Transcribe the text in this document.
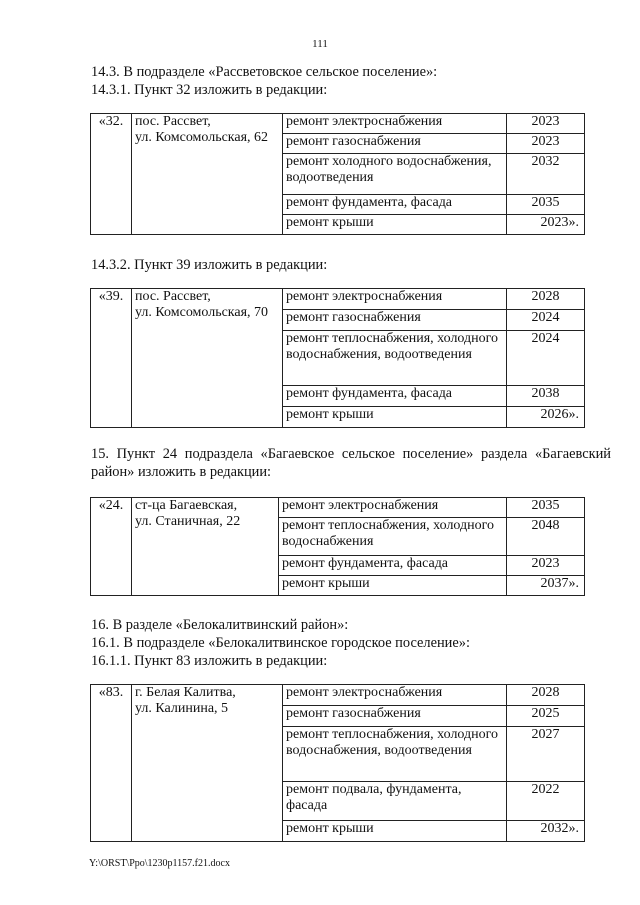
111
14.3. В подразделе «Рассветовское сельское поселение»:
14.3.1. Пункт 32 изложить в редакции:
«32.	пос. Рассвет,
ул. Комсомольская, 62	ремонт электроснабжения	2023
		ремонт газоснабжения	2023
		ремонт холодного водоснабжения, водоотведения	2032
		ремонт фундамента, фасада	2035
		ремонт крыши	2023».
14.3.2. Пункт 39 изложить в редакции:
«39.	пос. Рассвет,
ул. Комсомольская, 70	ремонт электроснабжения	2028
		ремонт газоснабжения	2024
		ремонт теплоснабжения, холодного водоснабжения, водоотведения	2024
		ремонт фундамента, фасада	2038
		ремонт крыши	2026».
15. Пункт 24 подраздела «Багаевское сельское поселение» раздела «Багаевский район» изложить в редакции:
«24.	ст-ца Багаевская,
ул. Станичная, 22	ремонт электроснабжения	2035
		ремонт теплоснабжения, холодного водоснабжения	2048
		ремонт фундамента, фасада	2023
		ремонт крыши	2037».
16. В разделе «Белокалитвинский район»:
16.1. В подразделе «Белокалитвинское городское поселение»:
16.1.1. Пункт 83 изложить в редакции:
«83.	г. Белая Калитва,
ул. Калинина, 5	ремонт электроснабжения	2028
		ремонт газоснабжения	2025
		ремонт теплоснабжения, холодного водоснабжения, водоотведения	2027
		ремонт подвала, фундамента, фасада	2022
		ремонт крыши	2032».
Y:\ORST\Ppo\1230p1157.f21.docx
